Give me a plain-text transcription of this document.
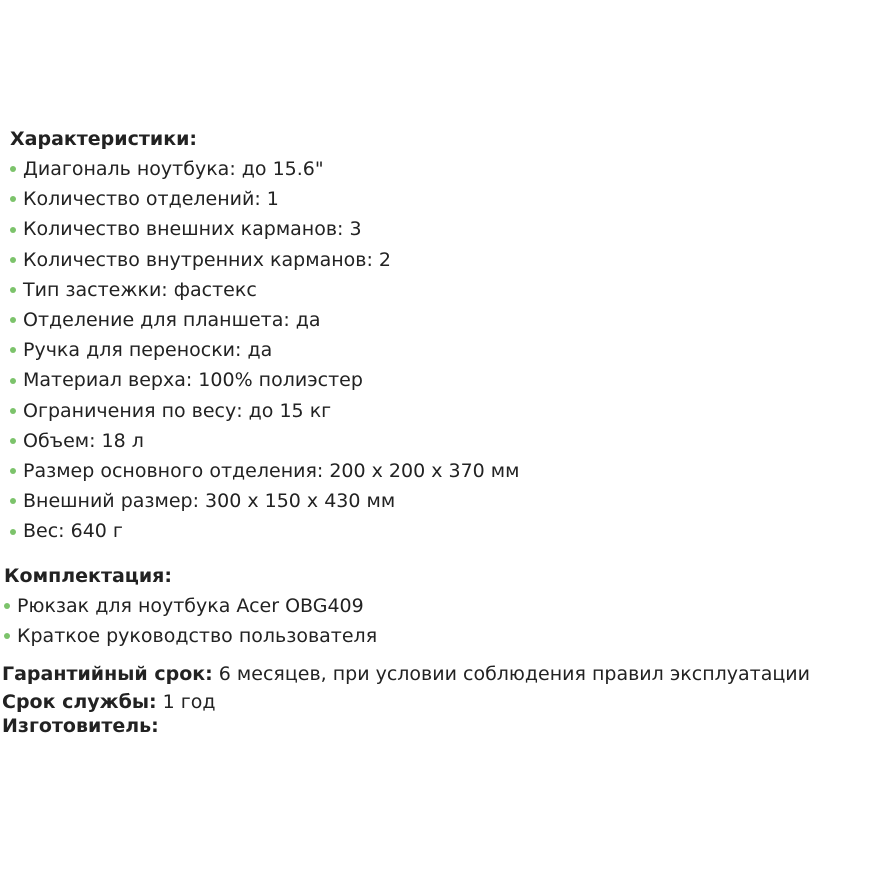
Характеристики:
Диагональ ноутбука: до 15.6"
Количество отделений: 1
Количество внешних карманов: 3
Количество внутренних карманов: 2
Тип застежки: фастекс
Отделение для планшета: да
Ручка для переноски: да
Материал верха: 100% полиэстер
Ограничения по весу: до 15 кг
Объем: 18 л
Размер основного отделения: 200 x 200 x 370 мм
Внешний размер: 300 x 150 x 430 мм
Вес: 640 г
Комплектация:
Рюкзак для ноутбука Acer OBG409
Краткое руководство пользователя
Гарантийный срок: 6 месяцев, при условии соблюдения правил эксплуатации
Срок службы: 1 год
Изготовитель:
